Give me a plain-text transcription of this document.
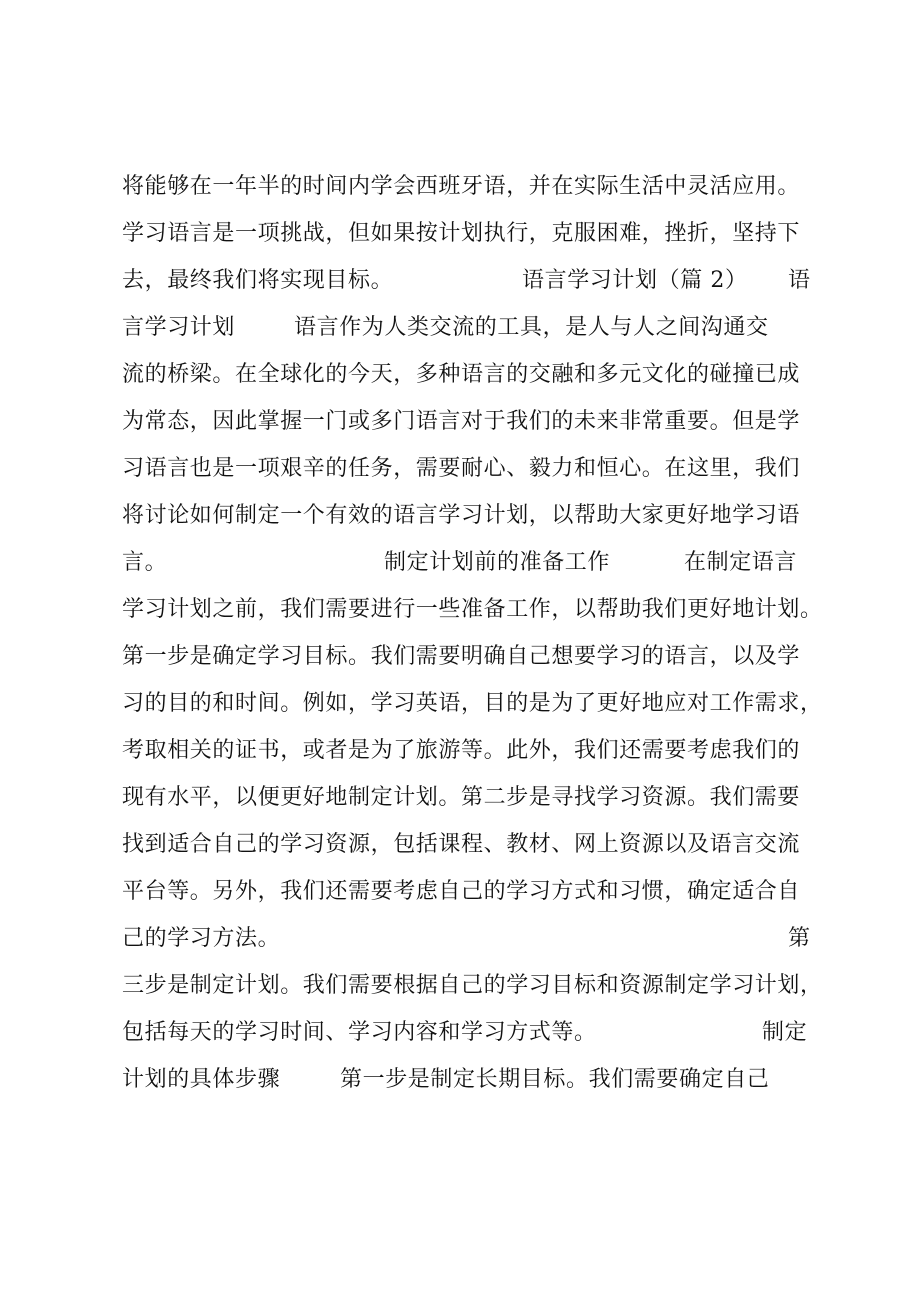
将能够在一年半的时间内学会西班牙语，并在实际生活中灵活应用。
学习语言是一项挑战，但如果按计划执行，克服困难，挫折，坚持下

去，最终我们将实现目标。

	语言学习计划（篇 2）

语

言学习计划

	语言作为人类交流的工具，是人与人之间沟通交

流的桥梁。在全球化的今天，多种语言的交融和多元文化的碰撞已成
为常态，因此掌握一门或多门语言对于我们的未来非常重要。但是学
习语言也是一项艰辛的任务，需要耐心、毅力和恒心。在这里，我们
将讨论如何制定一个有效的语言学习计划，以帮助大家更好地学习语

言。

	制定计划前的准备工作

	在制定语言

学习计划之前，我们需要进行一些准备工作，以帮助我们更好地计划。
第一步是确定学习目标。我们需要明确自己想要学习的语言，以及学
习的目的和时间。例如，学习英语，目的是为了更好地应对工作需求，
考取相关的证书，或者是为了旅游等。此外，我们还需要考虑我们的
现有水平，以便更好地制定计划。第二步是寻找学习资源。我们需要
找到适合自己的学习资源，包括课程、教材、网上资源以及语言交流
平台等。另外，我们还需要考虑自己的学习方式和习惯，确定适合自

己的学习方法。

	第

三步是制定计划。我们需要根据自己的学习目标和资源制定学习计划，

包括每天的学习时间、学习内容和学习方式等。

	制定

计划的具体步骤

	第一步是制定长期目标。我们需要确定自己
